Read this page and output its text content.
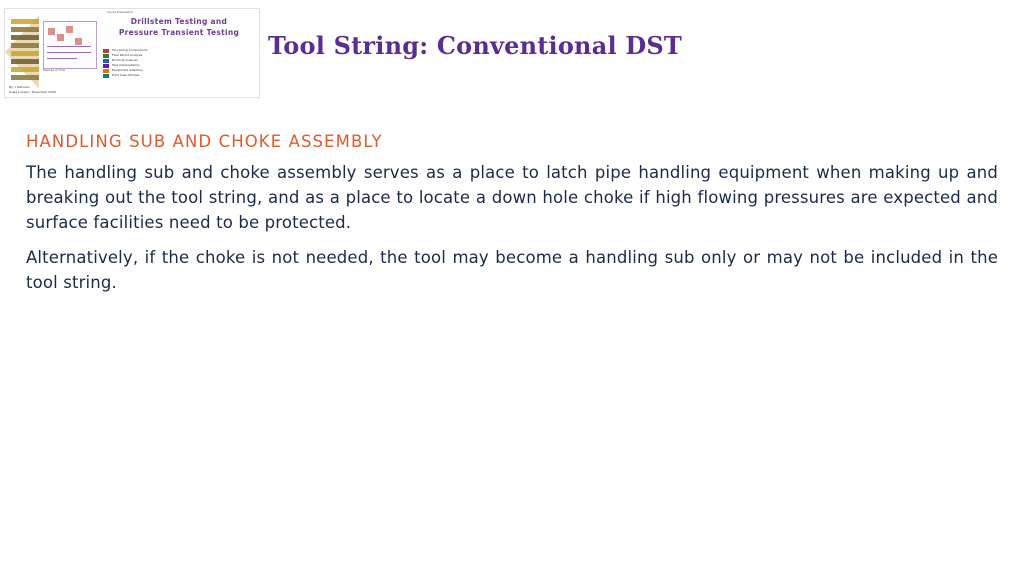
Course Presentation
Pressure vs Time
Drillstem Testing and
Pressure Transient Testing
Tool String Components
Flow Period Analysis
Build Up Analysis
Test Interpretation
Equipment Selection
Field Case Studies
By: I. Rahman
Kuala Lumpur, November 2009
Tool String: Conventional DST
HANDLING SUB AND CHOKE ASSEMBLY

The handling sub and choke assembly serves as a place to latch pipe handling equipment when making up and breaking out the tool string, and as a place to locate a down hole choke if high flowing pressures are expected and surface facilities need to be protected.

Alternatively, if the choke is not needed, the tool may become a handling sub only or may not be included in the tool string.
